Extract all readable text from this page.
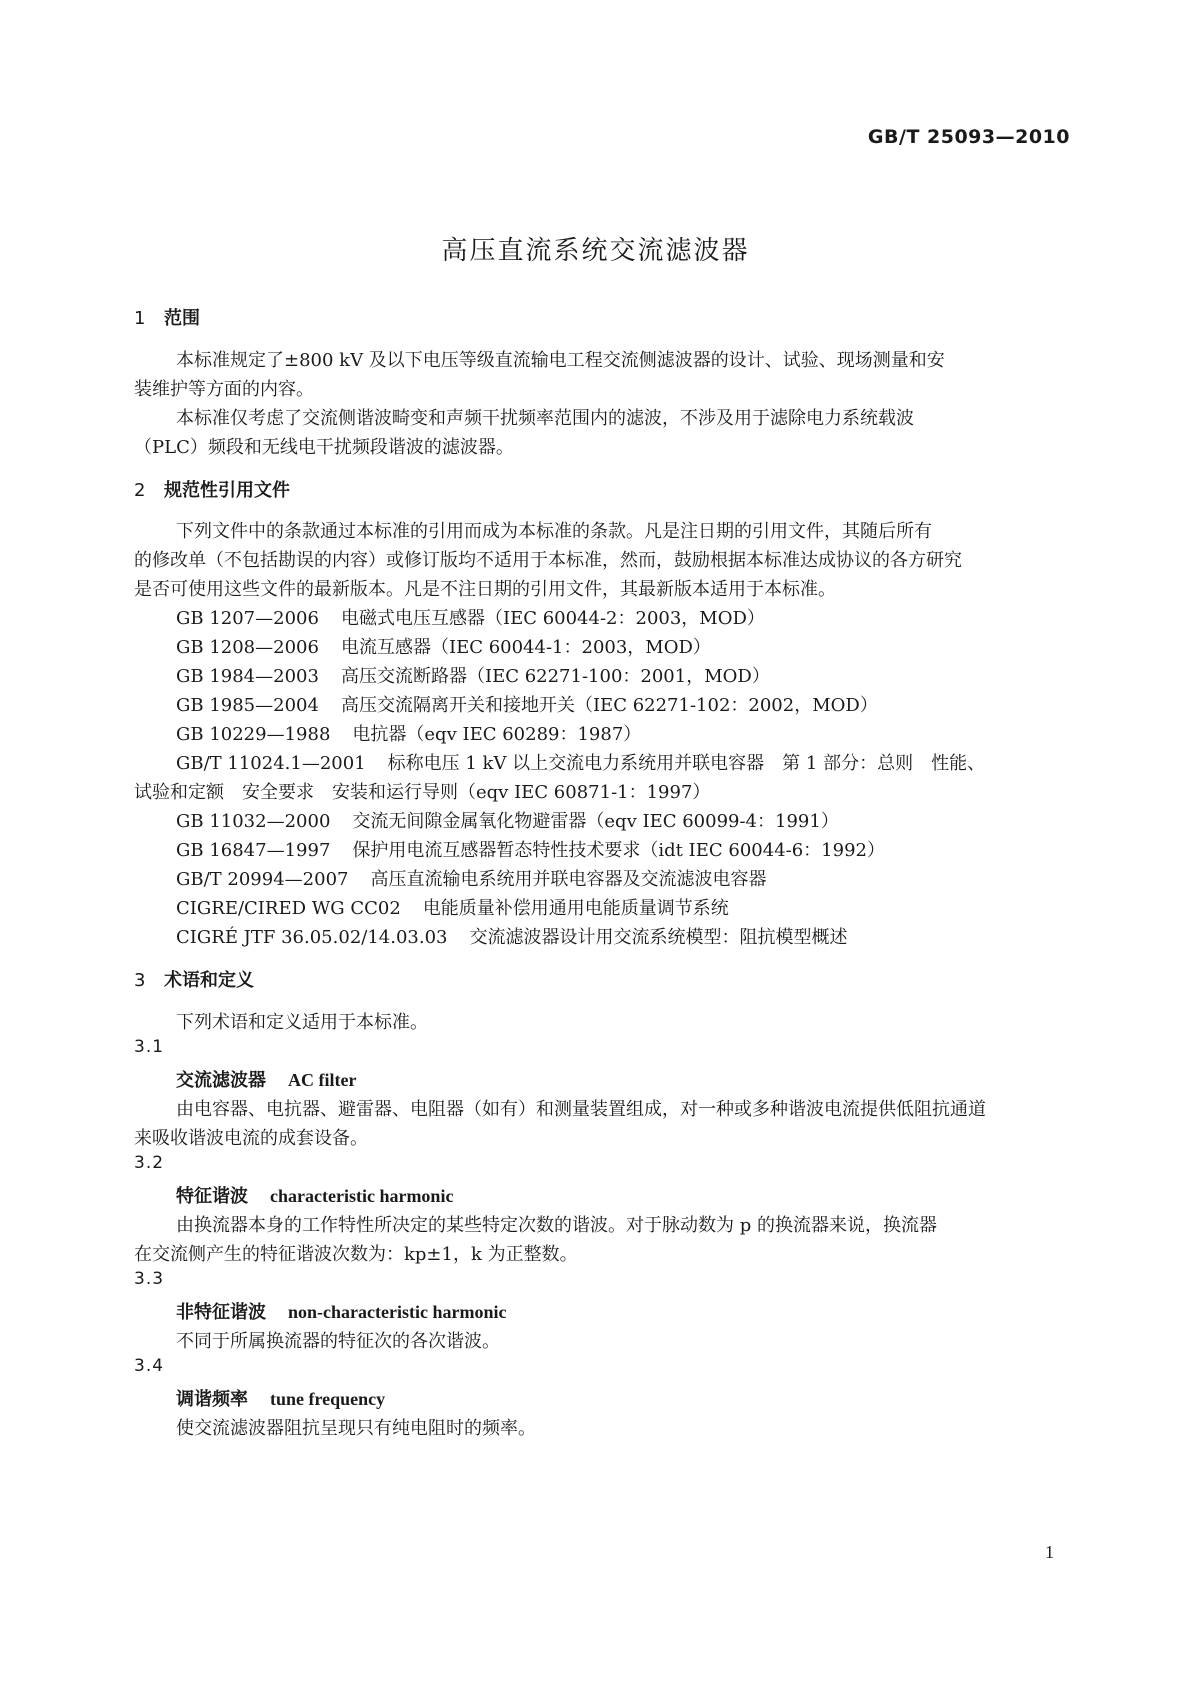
GB/T 25093—2010
高压直流系统交流滤波器
1 范围
本标准规定了±800 kV 及以下电压等级直流输电工程交流侧滤波器的设计、试验、现场测量和安
装维护等方面的内容。
本标准仅考虑了交流侧谐波畸变和声频干扰频率范围内的滤波，不涉及用于滤除电力系统载波
（PLC）频段和无线电干扰频段谐波的滤波器。
2 规范性引用文件
下列文件中的条款通过本标准的引用而成为本标准的条款。凡是注日期的引用文件，其随后所有
的修改单（不包括勘误的内容）或修订版均不适用于本标准，然而，鼓励根据本标准达成协议的各方研究
是否可使用这些文件的最新版本。凡是不注日期的引用文件，其最新版本适用于本标准。
GB 1207—2006 电磁式电压互感器（IEC 60044-2：2003，MOD）
GB 1208—2006 电流互感器（IEC 60044-1：2003，MOD）
GB 1984—2003 高压交流断路器（IEC 62271-100：2001，MOD）
GB 1985—2004 高压交流隔离开关和接地开关（IEC 62271-102：2002，MOD）
GB 10229—1988 电抗器（eqv IEC 60289：1987）
GB/T 11024.1—2001 标称电压 1 kV 以上交流电力系统用并联电容器　第 1 部分：总则　性能、
试验和定额　安全要求　安装和运行导则（eqv IEC 60871-1：1997）
GB 11032—2000 交流无间隙金属氧化物避雷器（eqv IEC 60099-4：1991）
GB 16847—1997 保护用电流互感器暂态特性技术要求（idt IEC 60044-6：1992）
GB/T 20994—2007 高压直流输电系统用并联电容器及交流滤波电容器
CIGRE/CIRED WG CC02 电能质量补偿用通用电能质量调节系统
CIGRÉ JTF 36.05.02/14.03.03 交流滤波器设计用交流系统模型：阻抗模型概述
3 术语和定义
下列术语和定义适用于本标准。
3.1
交流滤波器 AC filter
由电容器、电抗器、避雷器、电阻器（如有）和测量装置组成，对一种或多种谐波电流提供低阻抗通道
来吸收谐波电流的成套设备。
3.2
特征谐波 characteristic harmonic
由换流器本身的工作特性所决定的某些特定次数的谐波。对于脉动数为 p 的换流器来说，换流器
在交流侧产生的特征谐波次数为：kp±1，k 为正整数。
3.3
非特征谐波 non-characteristic harmonic
不同于所属换流器的特征次的各次谐波。
3.4
调谐频率 tune frequency
使交流滤波器阻抗呈现只有纯电阻时的频率。
1
